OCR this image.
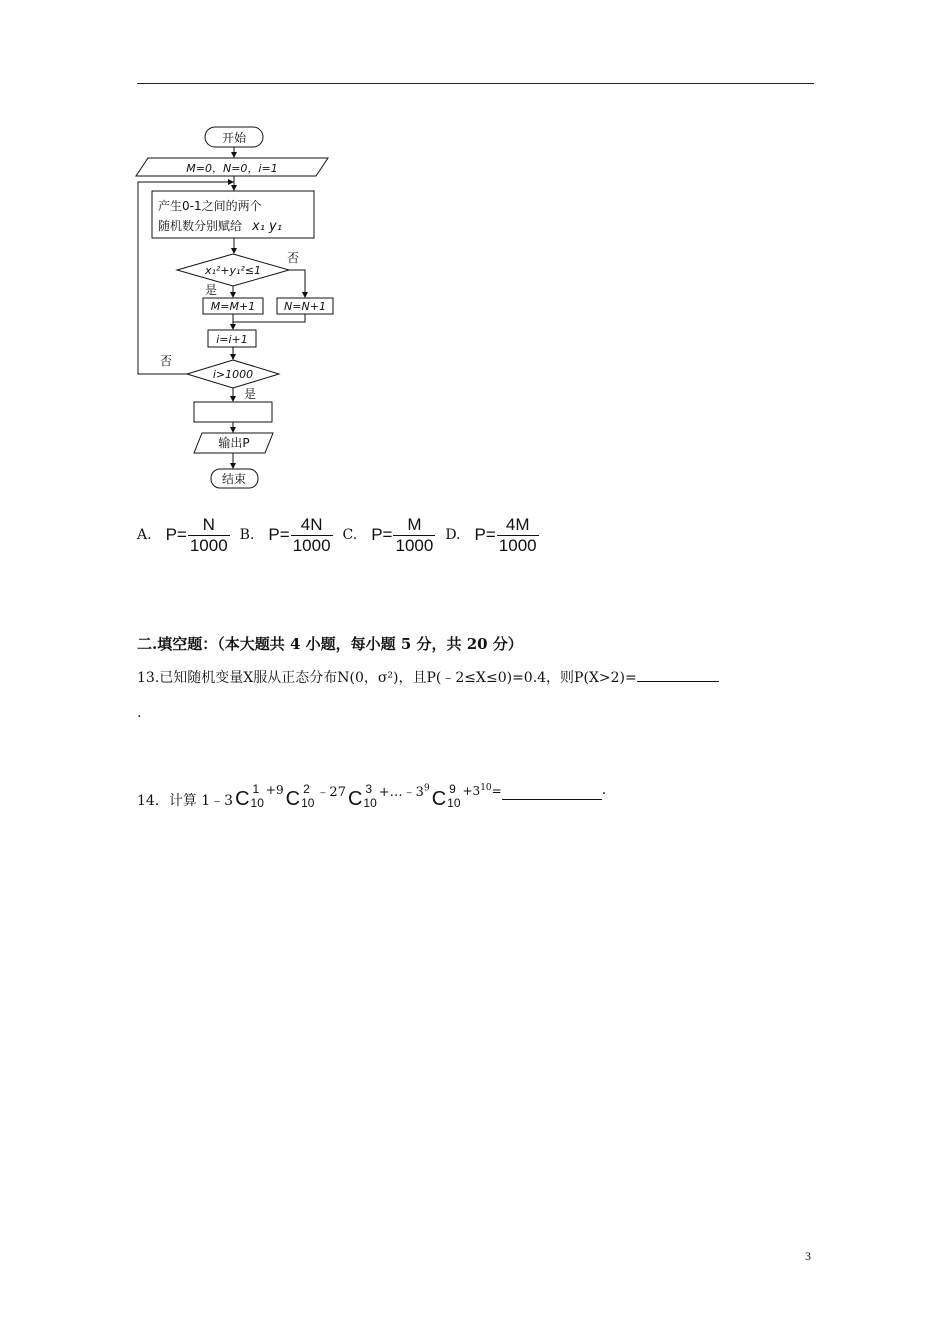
开始
M=0，N=0，i=1
产生0-1之间的两个
随机数分别赋给 x₁ y₁
x₁²+y₁²≤1
否
是
M=M+1	N=N+1
i=i+1
i>1000
否
是
输出P
结束
A. $P= \frac{N}{1000} B$. $P= \frac{4N}{1000} C$. $P= \frac{M}{1000} D$. $P= \frac{4M}{1000}$
二.填空题：（本大题共 4 小题，每小题 5 分，共 20 分）
13.已知随机变量X服从正态分布N(0，σ²)，且P(﹣2≤X≤0)=0.4，则P(X>2)=
.
14．计算 1﹣3 C 1
10
+9 C 2
10
﹣27 C 3
10
$+\dots﹣3^9$ C 9
10
$+3^{10}=$	.
3
